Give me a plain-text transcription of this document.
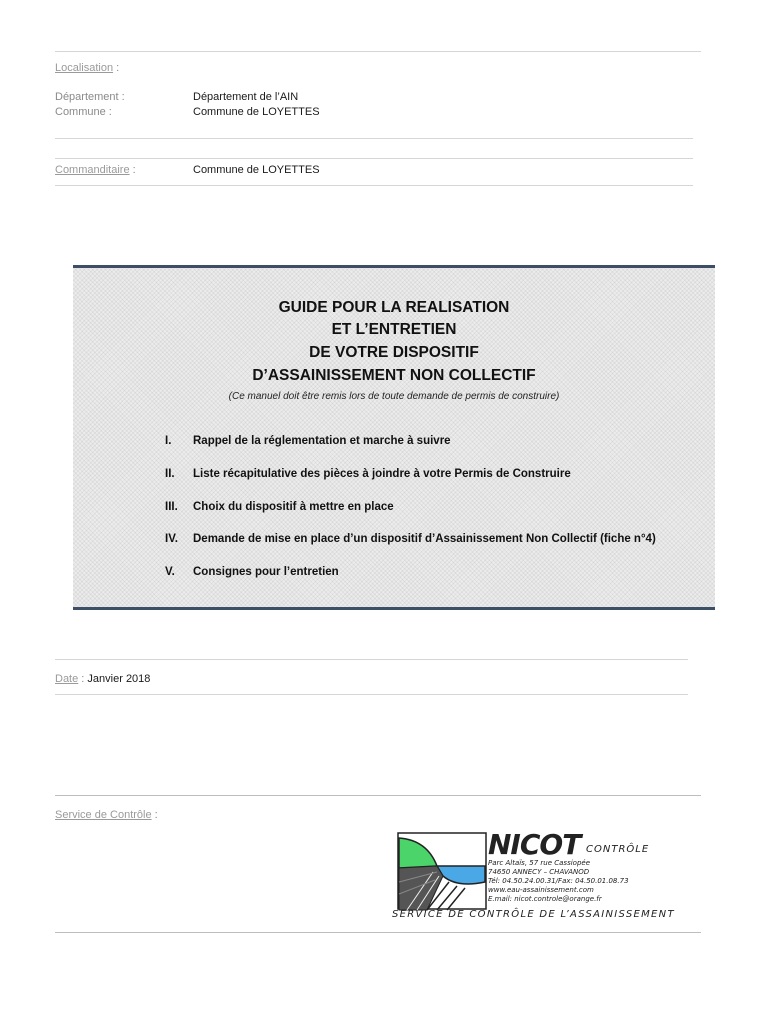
Localisation :
Département :	Département de l’AIN
Commune :	Commune de LOYETTES
Commanditaire :	Commune de LOYETTES
GUIDE POUR LA REALISATION
ET L’ENTRETIEN
DE VOTRE DISPOSITIF
D’ASSAINISSEMENT NON COLLECTIF
(Ce manuel doit être remis lors de toute demande de permis de construire)
I.	Rappel de la réglementation et marche à suivre
II.	Liste récapitulative des pièces à joindre à votre Permis de Construire
III.	Choix du dispositif à mettre en place
IV.	Demande de mise en place d’un dispositif d’Assainissement Non Collectif (fiche n°4)
V.	Consignes pour l’entretien
Date : Janvier 2018
Service de Contrôle :
NICOT CONTRÔLE
Parc Altaïs, 57 rue Cassiopée
74650 ANNECY – CHAVANOD
Tél: 04.50.24.00.31/Fax: 04.50.01.08.73
www.eau-assainissement.com
E.mail: nicot.controle@orange.fr
SERVICE DE CONTRÔLE DE L’ASSAINISSEMENT
